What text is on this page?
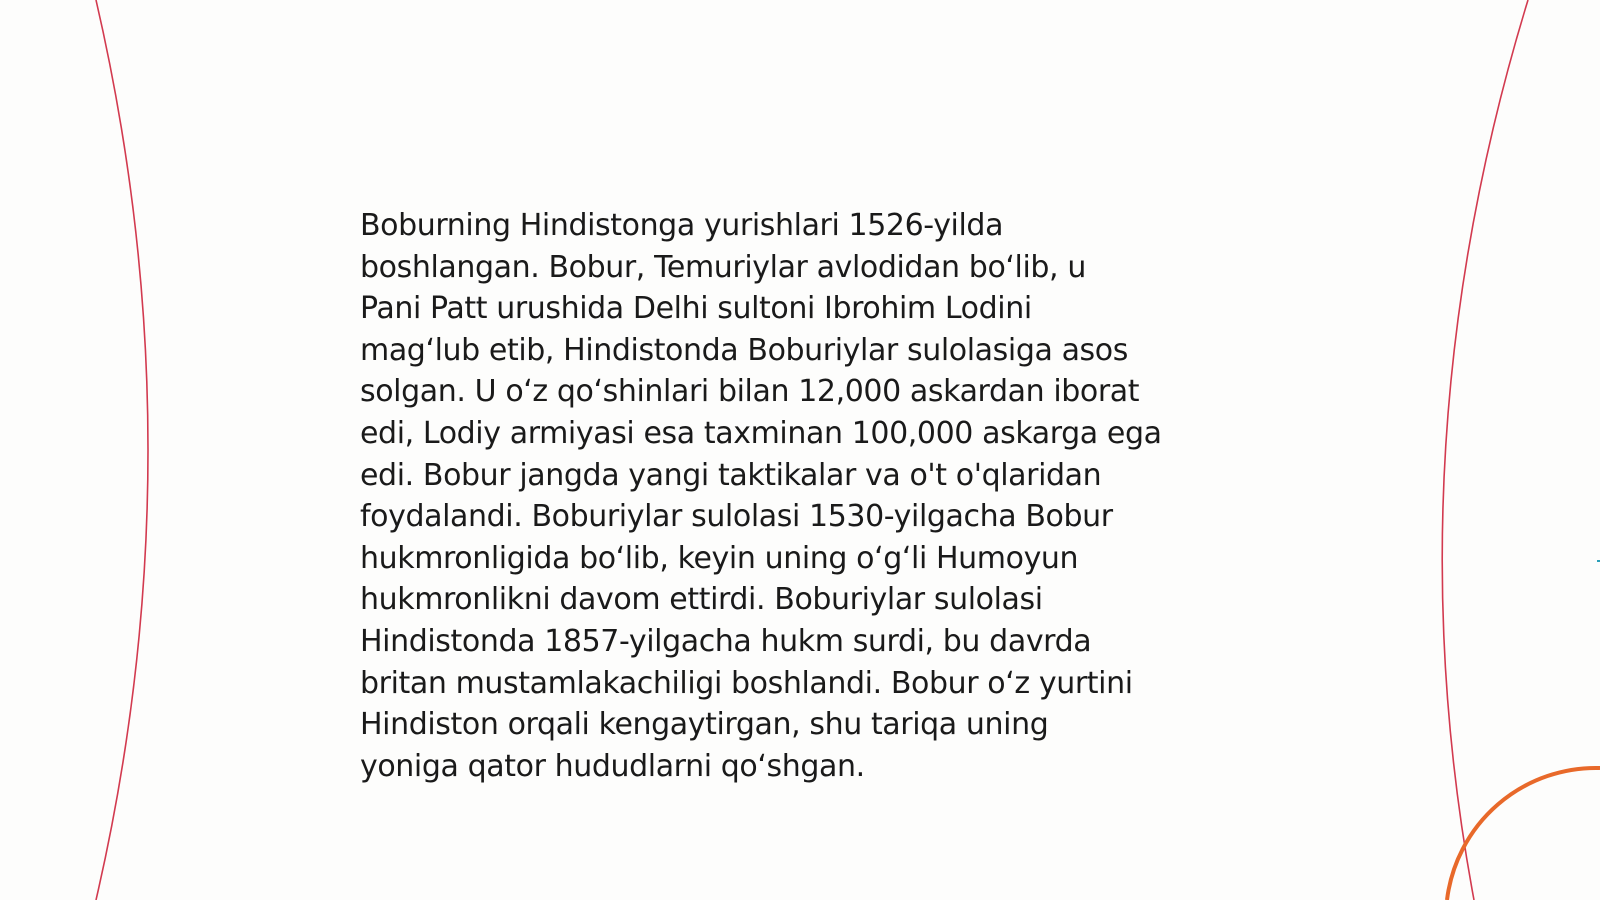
Boburning Hindistonga yurishlari 1526-yilda
boshlangan. Bobur, Temuriylar avlodidan bo‘lib, u
Pani Patt urushida Delhi sultoni Ibrohim Lodini
mag‘lub etib, Hindistonda Boburiylar sulolasiga asos
solgan. U o‘z qo‘shinlari bilan 12,000 askardan iborat
edi, Lodiy armiyasi esa taxminan 100,000 askarga ega
edi. Bobur jangda yangi taktikalar va o't o'qlaridan
foydalandi. Boburiylar sulolasi 1530-yilgacha Bobur
hukmronligida bo‘lib, keyin uning o‘g‘li Humoyun
hukmronlikni davom ettirdi. Boburiylar sulolasi
Hindistonda 1857-yilgacha hukm surdi, bu davrda
britan mustamlakachiligi boshlandi. Bobur o‘z yurtini
Hindiston orqali kengaytirgan, shu tariqa uning
yoniga qator hududlarni qo‘shgan.
